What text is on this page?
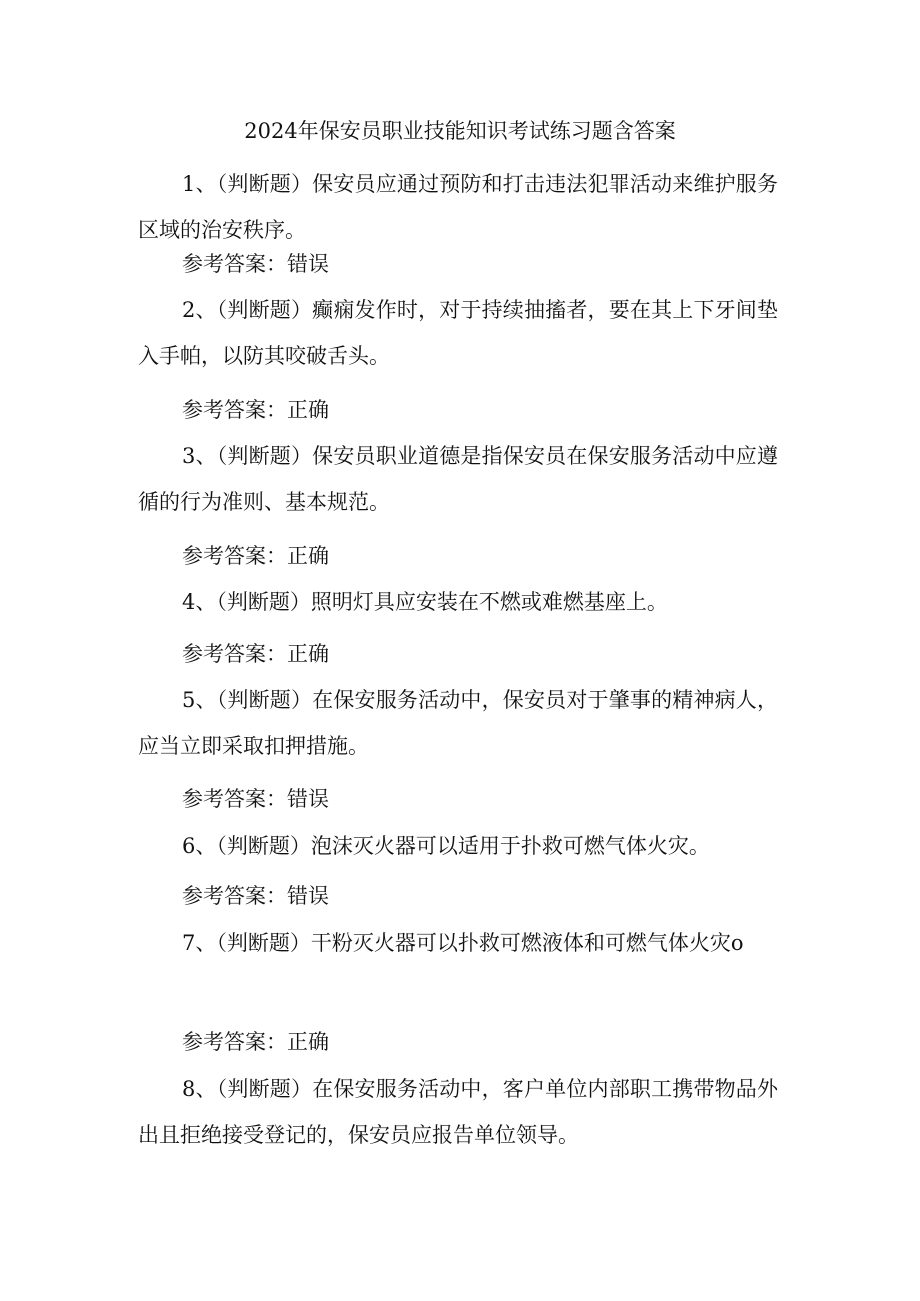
2024年保安员职业技能知识考试练习题含答案
1、（判断题）保安员应通过预防和打击违法犯罪活动来维护服务区域的治安秩序。
参考答案：错误
2、（判断题）癫痫发作时，对于持续抽搐者，要在其上下牙间垫入手帕，以防其咬破舌头。
参考答案：正确
3、（判断题）保安员职业道德是指保安员在保安服务活动中应遵循的行为准则、基本规范。
参考答案：正确
4、（判断题）照明灯具应安装在不燃或难燃基座上。
参考答案：正确
5、（判断题）在保安服务活动中，保安员对于肇事的精神病人，应当立即采取扣押措施。
参考答案：错误
6、（判断题）泡沫灭火器可以适用于扑救可燃气体火灾。
参考答案：错误
7、（判断题）干粉灭火器可以扑救可燃液体和可燃气体火灾o
参考答案：正确
8、（判断题）在保安服务活动中，客户单位内部职工携带物品外出且拒绝接受登记的，保安员应报告单位领导。
